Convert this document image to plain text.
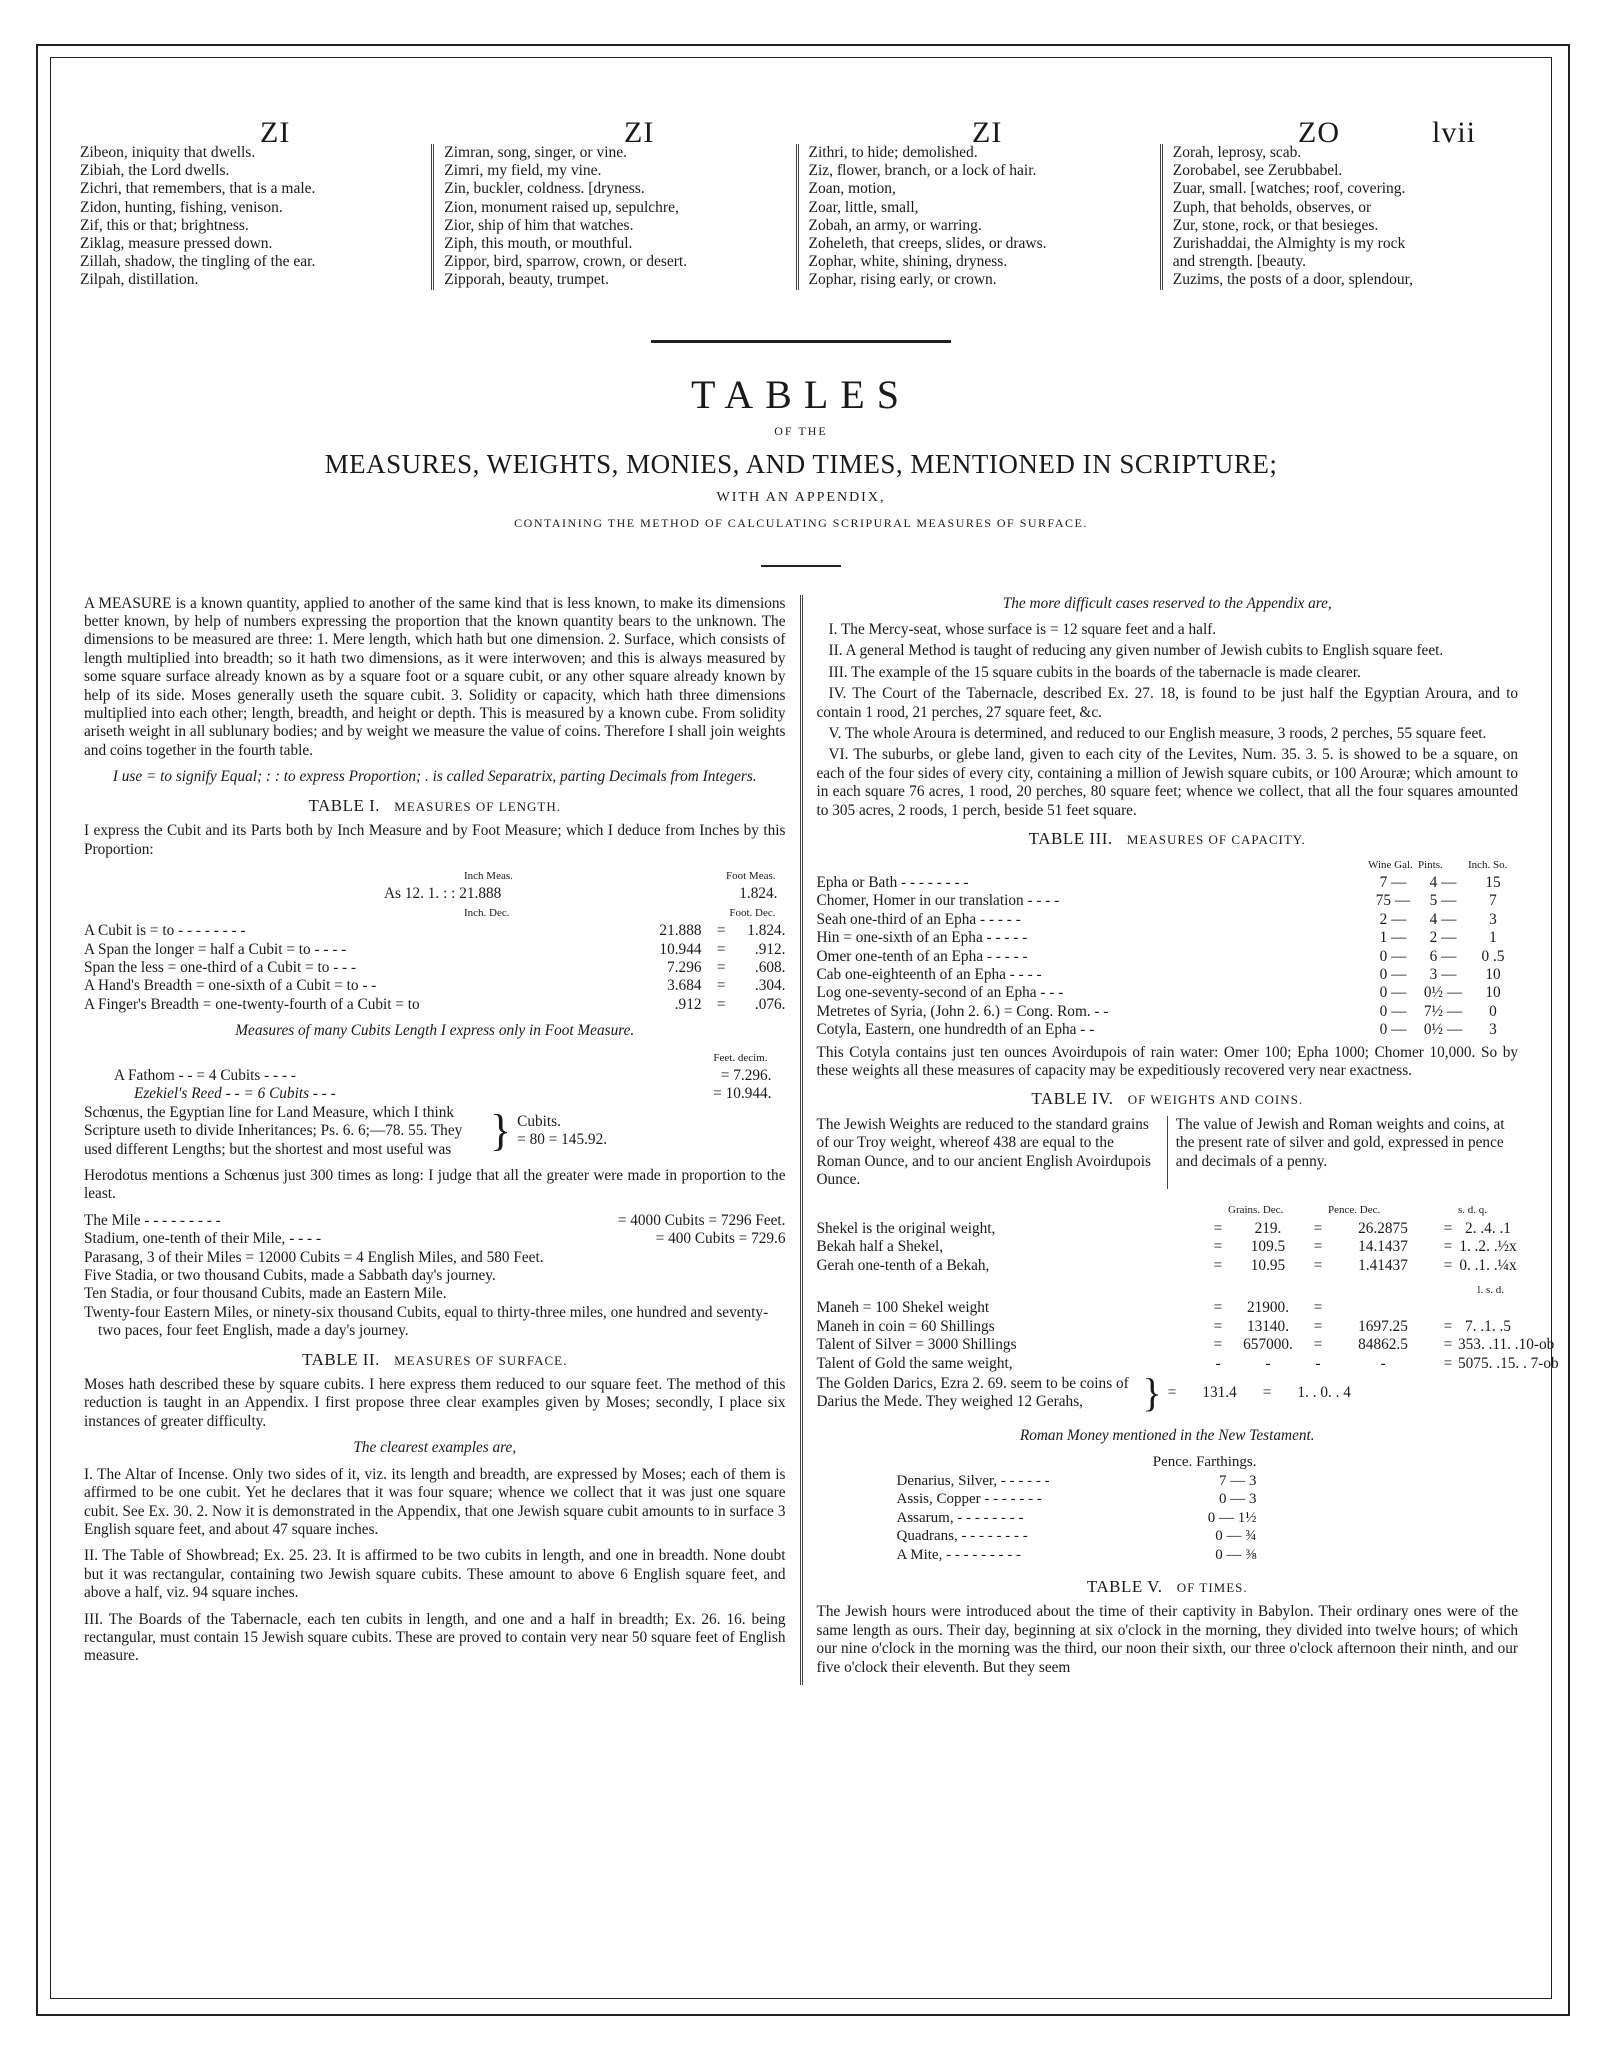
ZI	ZI	ZI	ZO	lvii
Zibeon, iniquity that dwells.
Zibiah, the Lord dwells.
Zichri, that remembers, that is a male.
Zidon, hunting, fishing, venison.
Zif, this or that; brightness.
Ziklag, measure pressed down.
Zillah, shadow, the tingling of the ear.
Zilpah, distillation.
Zimran, song, singer, or vine.
Zimri, my field, my vine.
Zin, buckler, coldness. [dryness.
Zion, monument raised up, sepulchre,
Zior, ship of him that watches.
Ziph, this mouth, or mouthful.
Zippor, bird, sparrow, crown, or desert.
Zipporah, beauty, trumpet.
Zithri, to hide; demolished.
Ziz, flower, branch, or a lock of hair.
Zoan, motion,
Zoar, little, small,
Zobah, an army, or warring.
Zoheleth, that creeps, slides, or draws.
Zophar, white, shining, dryness.
Zophar, rising early, or crown.
Zorah, leprosy, scab.
Zorobabel, see Zerubbabel.
Zuar, small. [watches; roof, covering.
Zuph, that beholds, observes, or
Zur, stone, rock, or that besieges.
Zurishaddai, the Almighty is my rock
and strength. [beauty.
Zuzims, the posts of a door, splendour,
TABLES
OF THE
MEASURES, WEIGHTS, MONIES, AND TIMES, MENTIONED IN SCRIPTURE;
WITH AN APPENDIX,
CONTAINING THE METHOD OF CALCULATING SCRIPURAL MEASURES OF SURFACE.

A MEASURE is a known quantity, applied to another of the same kind that is less known, to make its dimensions better known, by help of numbers expressing the proportion that the known quantity bears to the unknown. The dimensions to be measured are three: 1. Mere length, which hath but one dimension. 2. Surface, which consists of length multiplied into breadth; so it hath two dimensions, as it were interwoven; and this is always measured by some square surface already known as by a square foot or a square cubit, or any other square already known by help of its side. Moses generally useth the square cubit. 3. Solidity or capacity, which hath three dimensions multiplied into each other; length, breadth, and height or depth. This is measured by a known cube. From solidity ariseth weight in all sublunary bodies; and by weight we measure the value of coins. Therefore I shall join weights and coins together in the fourth table.

I use = to signify Equal; : : to express Proportion; . is called Separatrix, parting Decimals from Integers.

TABLE I. MEASURES OF LENGTH.

I express the Cubit and its Parts both by Inch Measure and by Foot Measure; which I deduce from Inches by this Proportion:

Inch Meas.	Foot Meas.
As 12. 1. : : 21.888	1.824.
Inch. Dec.	Foot. Dec.
A Cubit is = to - - - - - - - -	21.888	=	1.824.
A Span the longer = half a Cubit = to - - - -	10.944	=	.912.
Span the less = one-third of a Cubit = to - - -	7.296	=	.608.
A Hand's Breadth = one-sixth of a Cubit = to - -	3.684	=	.304.
A Finger's Breadth = one-twenty-fourth of a Cubit = to	.912	=	.076.

Measures of many Cubits Length I express only in Foot Measure.

Feet. decim.
A Fathom - - = 4 Cubits - - - -	= 7.296.
Ezekiel's Reed - - = 6 Cubits - - -	= 10.944.
Schœnus, the Egyptian line for Land Measure, which I think Scripture useth to divide Inheritances; Ps. 6. 6;—78. 55. They used different Lengths; but the shortest and most useful was } Cubits.
= 80 = 145.92.

Herodotus mentions a Schœnus just 300 times as long: I judge that all the greater were made in proportion to the least.

The Mile - - - - - - - - -	= 4000 Cubits = 7296 Feet.
Stadium, one-tenth of their Mile, - - - -	= 400 Cubits = 729.6
Parasang, 3 of their Miles = 12000 Cubits = 4 English Miles, and 580 Feet.
Five Stadia, or two thousand Cubits, made a Sabbath day's journey.
Ten Stadia, or four thousand Cubits, made an Eastern Mile.
Twenty-four Eastern Miles, or ninety-six thousand Cubits, equal to thirty-three miles, one hundred and seventy-two paces, four feet English, made a day's journey.
TABLE II. MEASURES OF SURFACE.

Moses hath described these by square cubits. I here express them reduced to our square feet. The method of this reduction is taught in an Appendix. I first propose three clear examples given by Moses; secondly, I place six instances of greater difficulty.

The clearest examples are,

I. The Altar of Incense. Only two sides of it, viz. its length and breadth, are expressed by Moses; each of them is affirmed to be one cubit. Yet he declares that it was four square; whence we collect that it was just one square cubit. See Ex. 30. 2. Now it is demonstrated in the Appendix, that one Jewish square cubit amounts to in surface 3 English square feet, and about 47 square inches.

II. The Table of Showbread; Ex. 25. 23. It is affirmed to be two cubits in length, and one in breadth. None doubt but it was rectangular, containing two Jewish square cubits. These amount to above 6 English square feet, and above a half, viz. 94 square inches.

III. The Boards of the Tabernacle, each ten cubits in length, and one and a half in breadth; Ex. 26. 16. being rectangular, must contain 15 Jewish square cubits. These are proved to contain very near 50 square feet of English measure.

The more difficult cases reserved to the Appendix are,

I. The Mercy-seat, whose surface is = 12 square feet and a half.

II. A general Method is taught of reducing any given number of Jewish cubits to English square feet.

III. The example of the 15 square cubits in the boards of the tabernacle is made clearer.

IV. The Court of the Tabernacle, described Ex. 27. 18, is found to be just half the Egyptian Aroura, and to contain 1 rood, 21 perches, 27 square feet, &c.

V. The whole Aroura is determined, and reduced to our English measure, 3 roods, 2 perches, 55 square feet.

VI. The suburbs, or glebe land, given to each city of the Levites, Num. 35. 3. 5. is showed to be a square, on each of the four sides of every city, containing a million of Jewish square cubits, or 100 Arouræ; which amount to in each square 76 acres, 1 rood, 20 perches, 80 square feet; whence we collect, that all the four squares amounted to 305 acres, 2 roods, 1 perch, beside 51 feet square.

TABLE III. MEASURES OF CAPACITY.
Wine Gal. Pints.	Inch. So.
Epha or Bath - - - - - - - -	7 —	4 —	15
Chomer, Homer in our translation - - - -	75 —	5 —	7
Seah one-third of an Epha - - - - -	2 —	4 —	3
Hin = one-sixth of an Epha - - - - -	1 —	2 —	1
Omer one-tenth of an Epha - - - - -	0 —	6 —	0 .5
Cab one-eighteenth of an Epha - - - -	0 —	3 —	10
Log one-seventy-second of an Epha - - -	0 —	0½ —	10
Metretes of Syria, (John 2. 6.) = Cong. Rom. - -	0 —	7½ —	0
Cotyla, Eastern, one hundredth of an Epha - -	0 —	0½ —	3

This Cotyla contains just ten ounces Avoirdupois of rain water: Omer 100; Epha 1000; Chomer 10,000. So by these weights all these measures of capacity may be expeditiously recovered very near exactness.

TABLE IV. OF WEIGHTS AND COINS.
The Jewish Weights are reduced to the standard grains of our Troy weight, whereof 438 are equal to the Roman Ounce, and to our ancient English Avoirdupois Ounce.
The value of Jewish and Roman weights and coins, at the present rate of silver and gold, expressed in pence and decimals of a penny.
Grains. Dec.	Pence. Dec.	s. d. q.
Shekel is the original weight,	=	219.	=	26.2875	= 2. .4. .1
Bekah half a Shekel,	=	109.5	=	14.1437	= 1. .2. .½x
Gerah one-tenth of a Bekah,	=	10.95	=	1.41437	= 0. .1. .¼x
l. s. d.
Maneh = 100 Shekel weight	=	21900.	=
Maneh in coin = 60 Shillings	=	13140.	=	1697.25	= 7. .1. .5
Talent of Silver = 3000 Shillings	=	657000.	=	84862.5	= 353. .11. .10-ob
Talent of Gold the same weight,	-	-	-	-	= 5075. .15. . 7-ob
The Golden Darics, Ezra 2. 69. seem to be coins of Darius the Mede. They weighed 12 Gerahs,	} = 131.4 = 1. . 0. . 4

Roman Money mentioned in the New Testament.

Pence. Farthings.
Denarius, Silver, - - - - - -	7 — 3
Assis, Copper - - - - - - -	0 — 3
Assarum, - - - - - - - -	0 — 1½
Quadrans, - - - - - - - -	0 — ¾
A Mite, - - - - - - - - -	0 — ⅜
TABLE V. OF TIMES.

The Jewish hours were introduced about the time of their captivity in Babylon. Their ordinary ones were of the same length as ours. Their day, beginning at six o'clock in the morning, they divided into twelve hours; of which our nine o'clock in the morning was the third, our noon their sixth, our three o'clock afternoon their ninth, and our five o'clock their eleventh. But they seem
